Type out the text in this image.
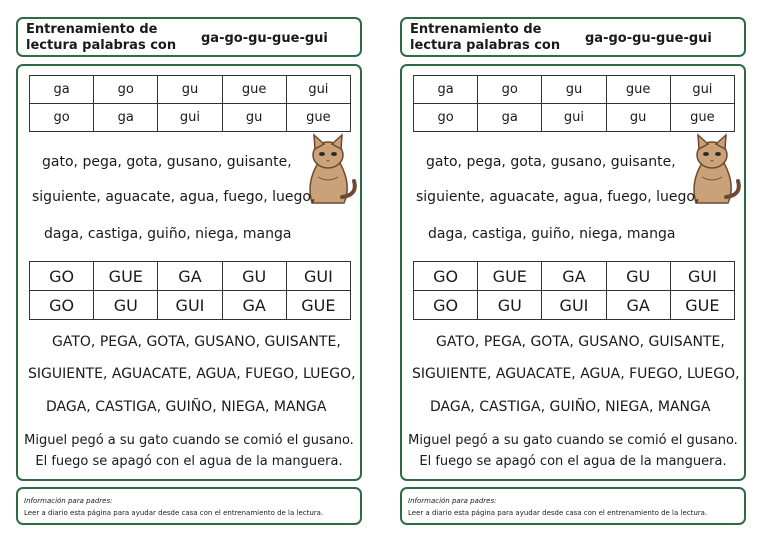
Entrenamiento de
lectura palabras con ga-go-gu-gue-gui
ga	go	gu	gue	gui
go	ga	gui	gu	gue
gato, pega, gota, gusano, guisante,
siguiente, aguacate, agua, fuego, luego,
daga, castiga, guiño, niega, manga
GO	GUE	GA	GU	GUI
GO	GU	GUI	GA	GUE
GATO, PEGA, GOTA, GUSANO, GUISANTE,
SIGUIENTE, AGUACATE, AGUA, FUEGO, LUEGO,
DAGA, CASTIGA, GUIÑO, NIEGA, MANGA
Miguel pegó a su gato cuando se comió el gusano.
El fuego se apagó con el agua de la manguera.
Información para padres:
Leer a diario esta página para ayudar desde casa con el entrenamiento de la lectura.
Entrenamiento de
lectura palabras con ga-go-gu-gue-gui
ga	go	gu	gue	gui
go	ga	gui	gu	gue
gato, pega, gota, gusano, guisante,
siguiente, aguacate, agua, fuego, luego,
daga, castiga, guiño, niega, manga
GO	GUE	GA	GU	GUI
GO	GU	GUI	GA	GUE
GATO, PEGA, GOTA, GUSANO, GUISANTE,
SIGUIENTE, AGUACATE, AGUA, FUEGO, LUEGO,
DAGA, CASTIGA, GUIÑO, NIEGA, MANGA
Miguel pegó a su gato cuando se comió el gusano.
El fuego se apagó con el agua de la manguera.
Información para padres:
Leer a diario esta página para ayudar desde casa con el entrenamiento de la lectura.
